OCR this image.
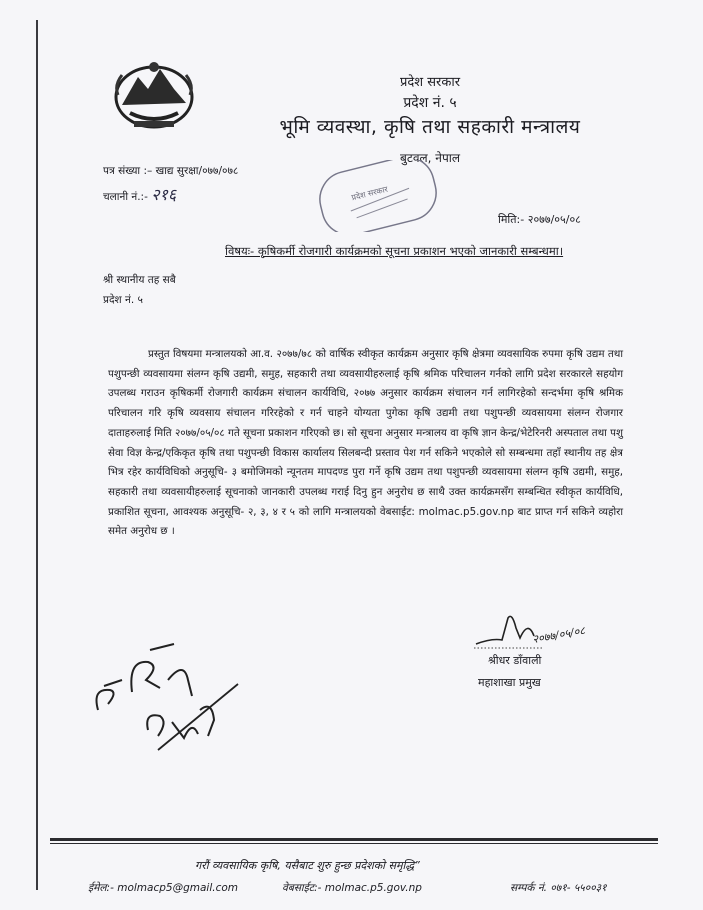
प्रदेश सरकार
प्रदेश नं. ५
भूमि व्यवस्था, कृषि तथा सहकारी मन्त्रालय
बुटवल, नेपाल
पत्र संख्या :– खाद्य सुरक्षा/०७७/०७८
चलानी नं.:- २१६	प्रदेश सरकार
मिति:- २०७७/०५/०८
विषयः- कृषिकर्मी रोजगारी कार्यक्रमको सूचना प्रकाशन भएको जानकारी सम्बन्धमा।
श्री स्थानीय तह सबै
प्रदेश नं. ५
प्रस्तुत विषयमा मन्त्रालयको आ.व. २०७७/७८ को वार्षिक स्वीकृत कार्यक्रम अनुसार कृषि क्षेत्रमा व्यवसायिक रुपमा कृषि उद्यम तथा पशुपन्छी व्यवसायमा संलग्न कृषि उद्यमी, समुह, सहकारी तथा व्यवसायीहरुलाई कृषि श्रमिक परिचालन गर्नको लागि प्रदेश सरकारले सहयोग उपलब्ध गराउन कृषिकर्मी रोजगारी कार्यक्रम संचालन कार्यविधि, २०७७ अनुसार कार्यक्रम संचालन गर्न लागिरहेको सन्दर्भमा कृषि श्रमिक परिचालन गरि कृषि व्यवसाय संचालन गरिरहेको र गर्न चाहने योग्यता पुगेका कृषि उद्यमी तथा पशुपन्छी व्यवसायमा संलग्न रोजगार दाताहरुलाई मिति २०७७/०५/०८ गते सूचना प्रकाशन गरिएको छ। सो सूचना अनुसार मन्त्रालय वा कृषि ज्ञान केन्द्र/भेटेरिनरी अस्पताल तथा पशु सेवा विज्ञ केन्द्र/एकिकृत कृषि तथा पशुपन्छी विकास कार्यालय सिलबन्दी प्रस्ताव पेश गर्न सकिने भएकोले सो सम्बन्धमा तहाँ स्थानीय तह क्षेत्र भित्र रहेर कार्यविधिको अनुसूचि- ३ बमोजिमको न्यूनतम मापदण्ड पुरा गर्ने कृषि उद्यम तथा पशुपन्छी व्यवसायमा संलग्न कृषि उद्यमी, समुह, सहकारी तथा व्यवसायीहरुलाई सूचनाको जानकारी उपलब्ध गराई दिनु हुन अनुरोध छ साथै उक्त कार्यक्रमसँग सम्बन्धित स्वीकृत कार्यविधि, प्रकाशित सूचना, आवश्यक अनुसूचि- २, ३, ४ र ५ को लागि मन्त्रालयको वेबसाईट: molmac.p5.gov.np बाट प्राप्त गर्न सकिने व्यहोरा समेत अनुरोध छ ।
२०७७/०५/०८
श्रीधर डाँवाली
महाशाखा प्रमुख
गरौं व्यवसायिक कृषि, यसैबाट शुरु हुन्छ प्रदेशको समृद्धि”
ईमेल:- molmacp5@gmail.com	वेबसाईट:- molmac.p5.gov.np	सम्पर्क नं. ०७१- ५५००३१
